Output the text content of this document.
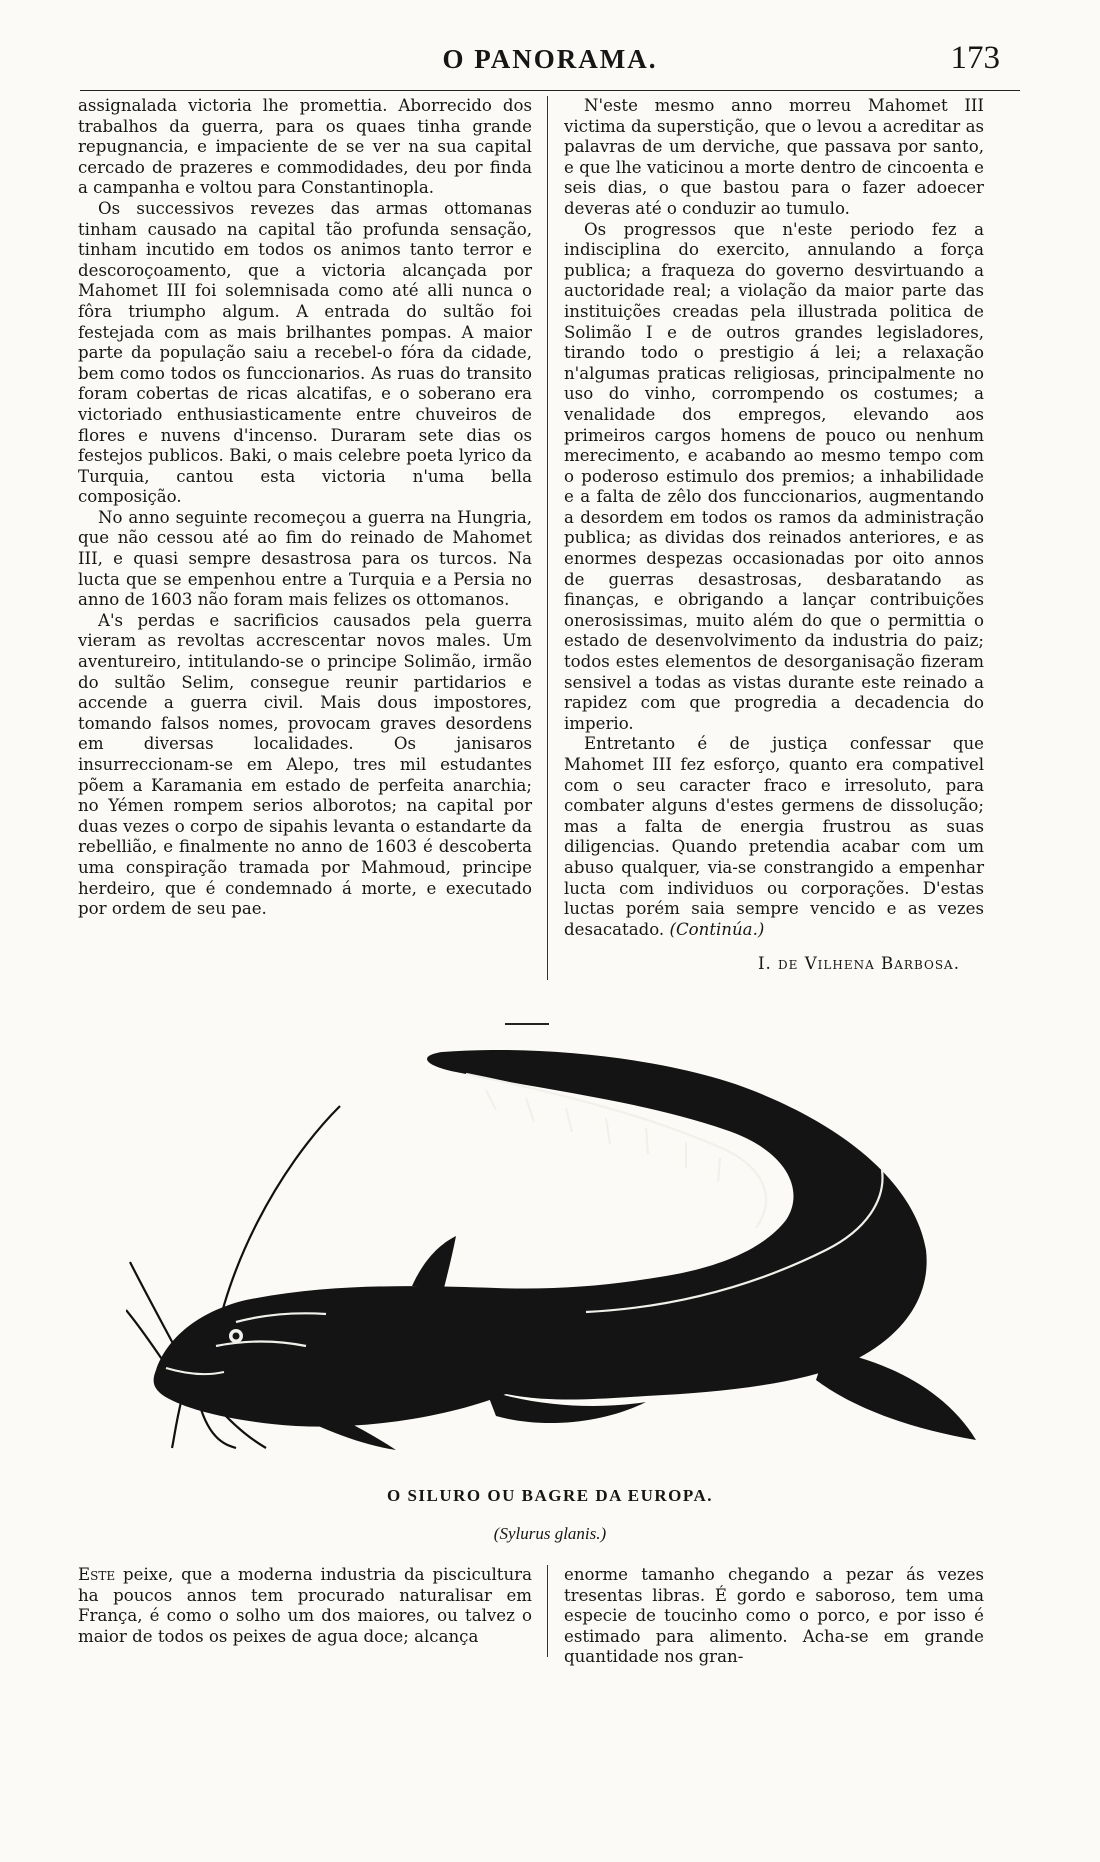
O PANORAMA.	173

assignalada victoria lhe promettia. Aborrecido dos trabalhos da guerra, para os quaes tinha grande repugnancia, e impaciente de se ver na sua capital cercado de prazeres e commodidades, deu por finda a campanha e voltou para Constantinopla.

Os successivos revezes das armas ottomanas tinham causado na capital tão profunda sensação, tinham incutido em todos os animos tanto terror e descoroçoamento, que a victoria alcançada por Mahomet III foi solemnisada como até alli nunca o fôra triumpho algum. A entrada do sultão foi festejada com as mais brilhantes pompas. A maior parte da população saiu a recebel-o fóra da cidade, bem como todos os funccionarios. As ruas do transito foram cobertas de ricas alcatifas, e o soberano era victoriado enthusiasticamente entre chuveiros de flores e nuvens d'incenso. Duraram sete dias os festejos publicos. Baki, o mais celebre poeta lyrico da Turquia, cantou esta victoria n'uma bella composição.

No anno seguinte recomeçou a guerra na Hungria, que não cessou até ao fim do reinado de Mahomet III, e quasi sempre desastrosa para os turcos. Na lucta que se empenhou entre a Turquia e a Persia no anno de 1603 não foram mais felizes os ottomanos.

A's perdas e sacrificios causados pela guerra vieram as revoltas accrescentar novos males. Um aventureiro, intitulando-se o principe Solimão, irmão do sultão Selim, consegue reunir partidarios e accende a guerra civil. Mais dous impostores, tomando falsos nomes, provocam graves desordens em diversas localidades. Os janisaros insurreccionam-se em Alepo, tres mil estudantes põem a Karamania em estado de perfeita anarchia; no Yémen rompem serios alborotos; na capital por duas vezes o corpo de sipahis levanta o estandarte da rebellião, e finalmente no anno de 1603 é descoberta uma conspiração tramada por Mahmoud, principe herdeiro, que é condemnado á morte, e executado por ordem de seu pae.

N'este mesmo anno morreu Mahomet III victima da superstição, que o levou a acreditar as palavras de um derviche, que passava por santo, e que lhe vaticinou a morte dentro de cincoenta e seis dias, o que bastou para o fazer adoecer deveras até o conduzir ao tumulo.

Os progressos que n'este periodo fez a indisciplina do exercito, annulando a força publica; a fraqueza do governo desvirtuando a auctoridade real; a violação da maior parte das instituições creadas pela illustrada politica de Solimão I e de outros grandes legisladores, tirando todo o prestigio á lei; a relaxação n'algumas praticas religiosas, principalmente no uso do vinho, corrompendo os costumes; a venalidade dos empregos, elevando aos primeiros cargos homens de pouco ou nenhum merecimento, e acabando ao mesmo tempo com o poderoso estimulo dos premios; a inhabilidade e a falta de zêlo dos funccionarios, augmentando a desordem em todos os ramos da administração publica; as dividas dos reinados anteriores, e as enormes despezas occasionadas por oito annos de guerras desastrosas, desbaratando as finanças, e obrigando a lançar contribuições onerosissimas, muito além do que o permittia o estado de desenvolvimento da industria do paiz; todos estes elementos de desorganisação fizeram sensivel a todas as vistas durante este reinado a rapidez com que progredia a decadencia do imperio.

Entretanto é de justiça confessar que Mahomet III fez esforço, quanto era compativel com o seu caracter fraco e irresoluto, para combater alguns d'estes germens de dissolução; mas a falta de energia frustrou as suas diligencias. Quando pretendia acabar com um abuso qualquer, via-se constrangido a empenhar lucta com individuos ou corporações. D'estas luctas porém saia sempre vencido e as vezes desacatado. (Continúa.)

I. de Vilhena Barbosa.
O SILURO OU BAGRE DA EUROPA.
(Sylurus glanis.)
Este peixe, que a moderna industria da piscicultura ha poucos annos tem procurado naturalisar em França, é como o solho um dos maiores, ou talvez o maior de todos os peixes de agua doce; alcança
enorme tamanho chegando a pezar ás vezes tresentas libras. É gordo e saboroso, tem uma especie de toucinho como o porco, e por isso é estimado para alimento. Acha-se em grande quantidade nos gran-
